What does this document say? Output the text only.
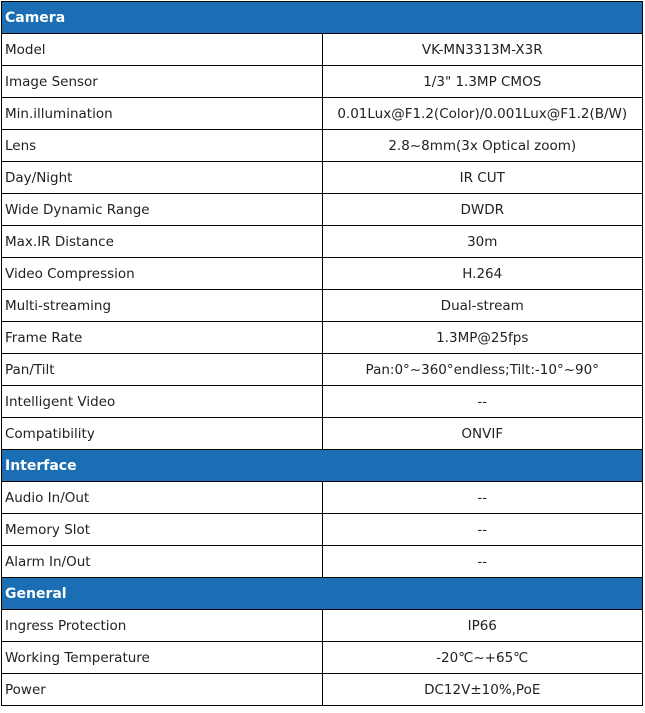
Camera	
Model	VK-MN3313M-X3R
Image Sensor	1/3" 1.3MP CMOS
Min.illumination	0.01Lux@F1.2(Color)/0.001Lux@F1.2(B/W)
Lens	2.8~8mm(3x Optical zoom)
Day/Night	IR CUT
Wide Dynamic Range	DWDR
Max.IR Distance	30m
Video Compression	H.264
Multi-streaming	Dual-stream
Frame Rate	1.3MP@25fps
Pan/Tilt	Pan:0°~360°endless;Tilt:-10°~90°
Intelligent Video	--
Compatibility	ONVIF
Interface	
Audio In/Out	--
Memory Slot	--
Alarm In/Out	--
General	
Ingress Protection	IP66
Working Temperature	-20℃~+65℃
Power	DC12V±10%,PoE
